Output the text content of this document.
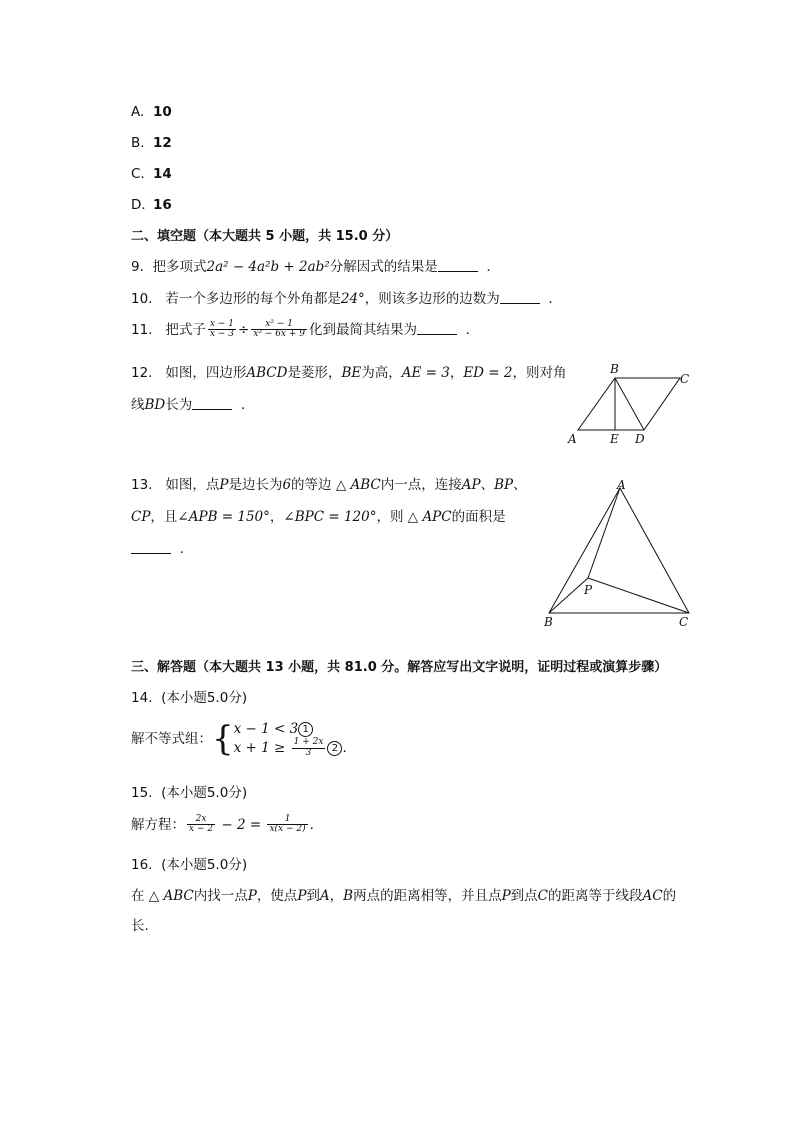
A. 10
B. 12
C. 14
D. 16
二、填空题（本大题共 5 小题，共 15.0 分）
9. 把多项式2a² − 4a²b + 2ab²分解因式的结果是	.
10. 若一个多边形的每个外角都是24°，则该多边形的边数为	.
11. 把式子 $\frac{x - 1}{x - 3} \div \frac{\text{x² − 1}}{\text{x² − 6x + 9}}$ 化到最简其结果为	.
12. 如图，四边形ABCD是菱形，BE为高，AE = 3，ED = 2，则对角
线BD长为	.
B
C
A	E D
13. 如图，点P是边长为6的等边 △ ABC内一点，连接AP、BP、
CP，且∠APB = 150°，∠BPC = 120°，则 △ APC的面积是
.
A
B	C
P
三、解答题（本大题共 13 小题，共 81.0 分。解答应写出文字说明，证明过程或演算步骤）
14. (本小题5.0分)
解不等式组：{x − 1 < 3 1
$x + 1 \ge \frac{1 + 2x}{3} 2$ .
15. (本小题5.0分)
解方程： $\frac{2x}{x - 2} - 2 = \frac{1}{x(x - 2)}$ .
16. (本小题5.0分)
在 △ ABC内找一点P，使点P到A，B两点的距离相等，并且点P到点C的距离等于线段AC的
长.
